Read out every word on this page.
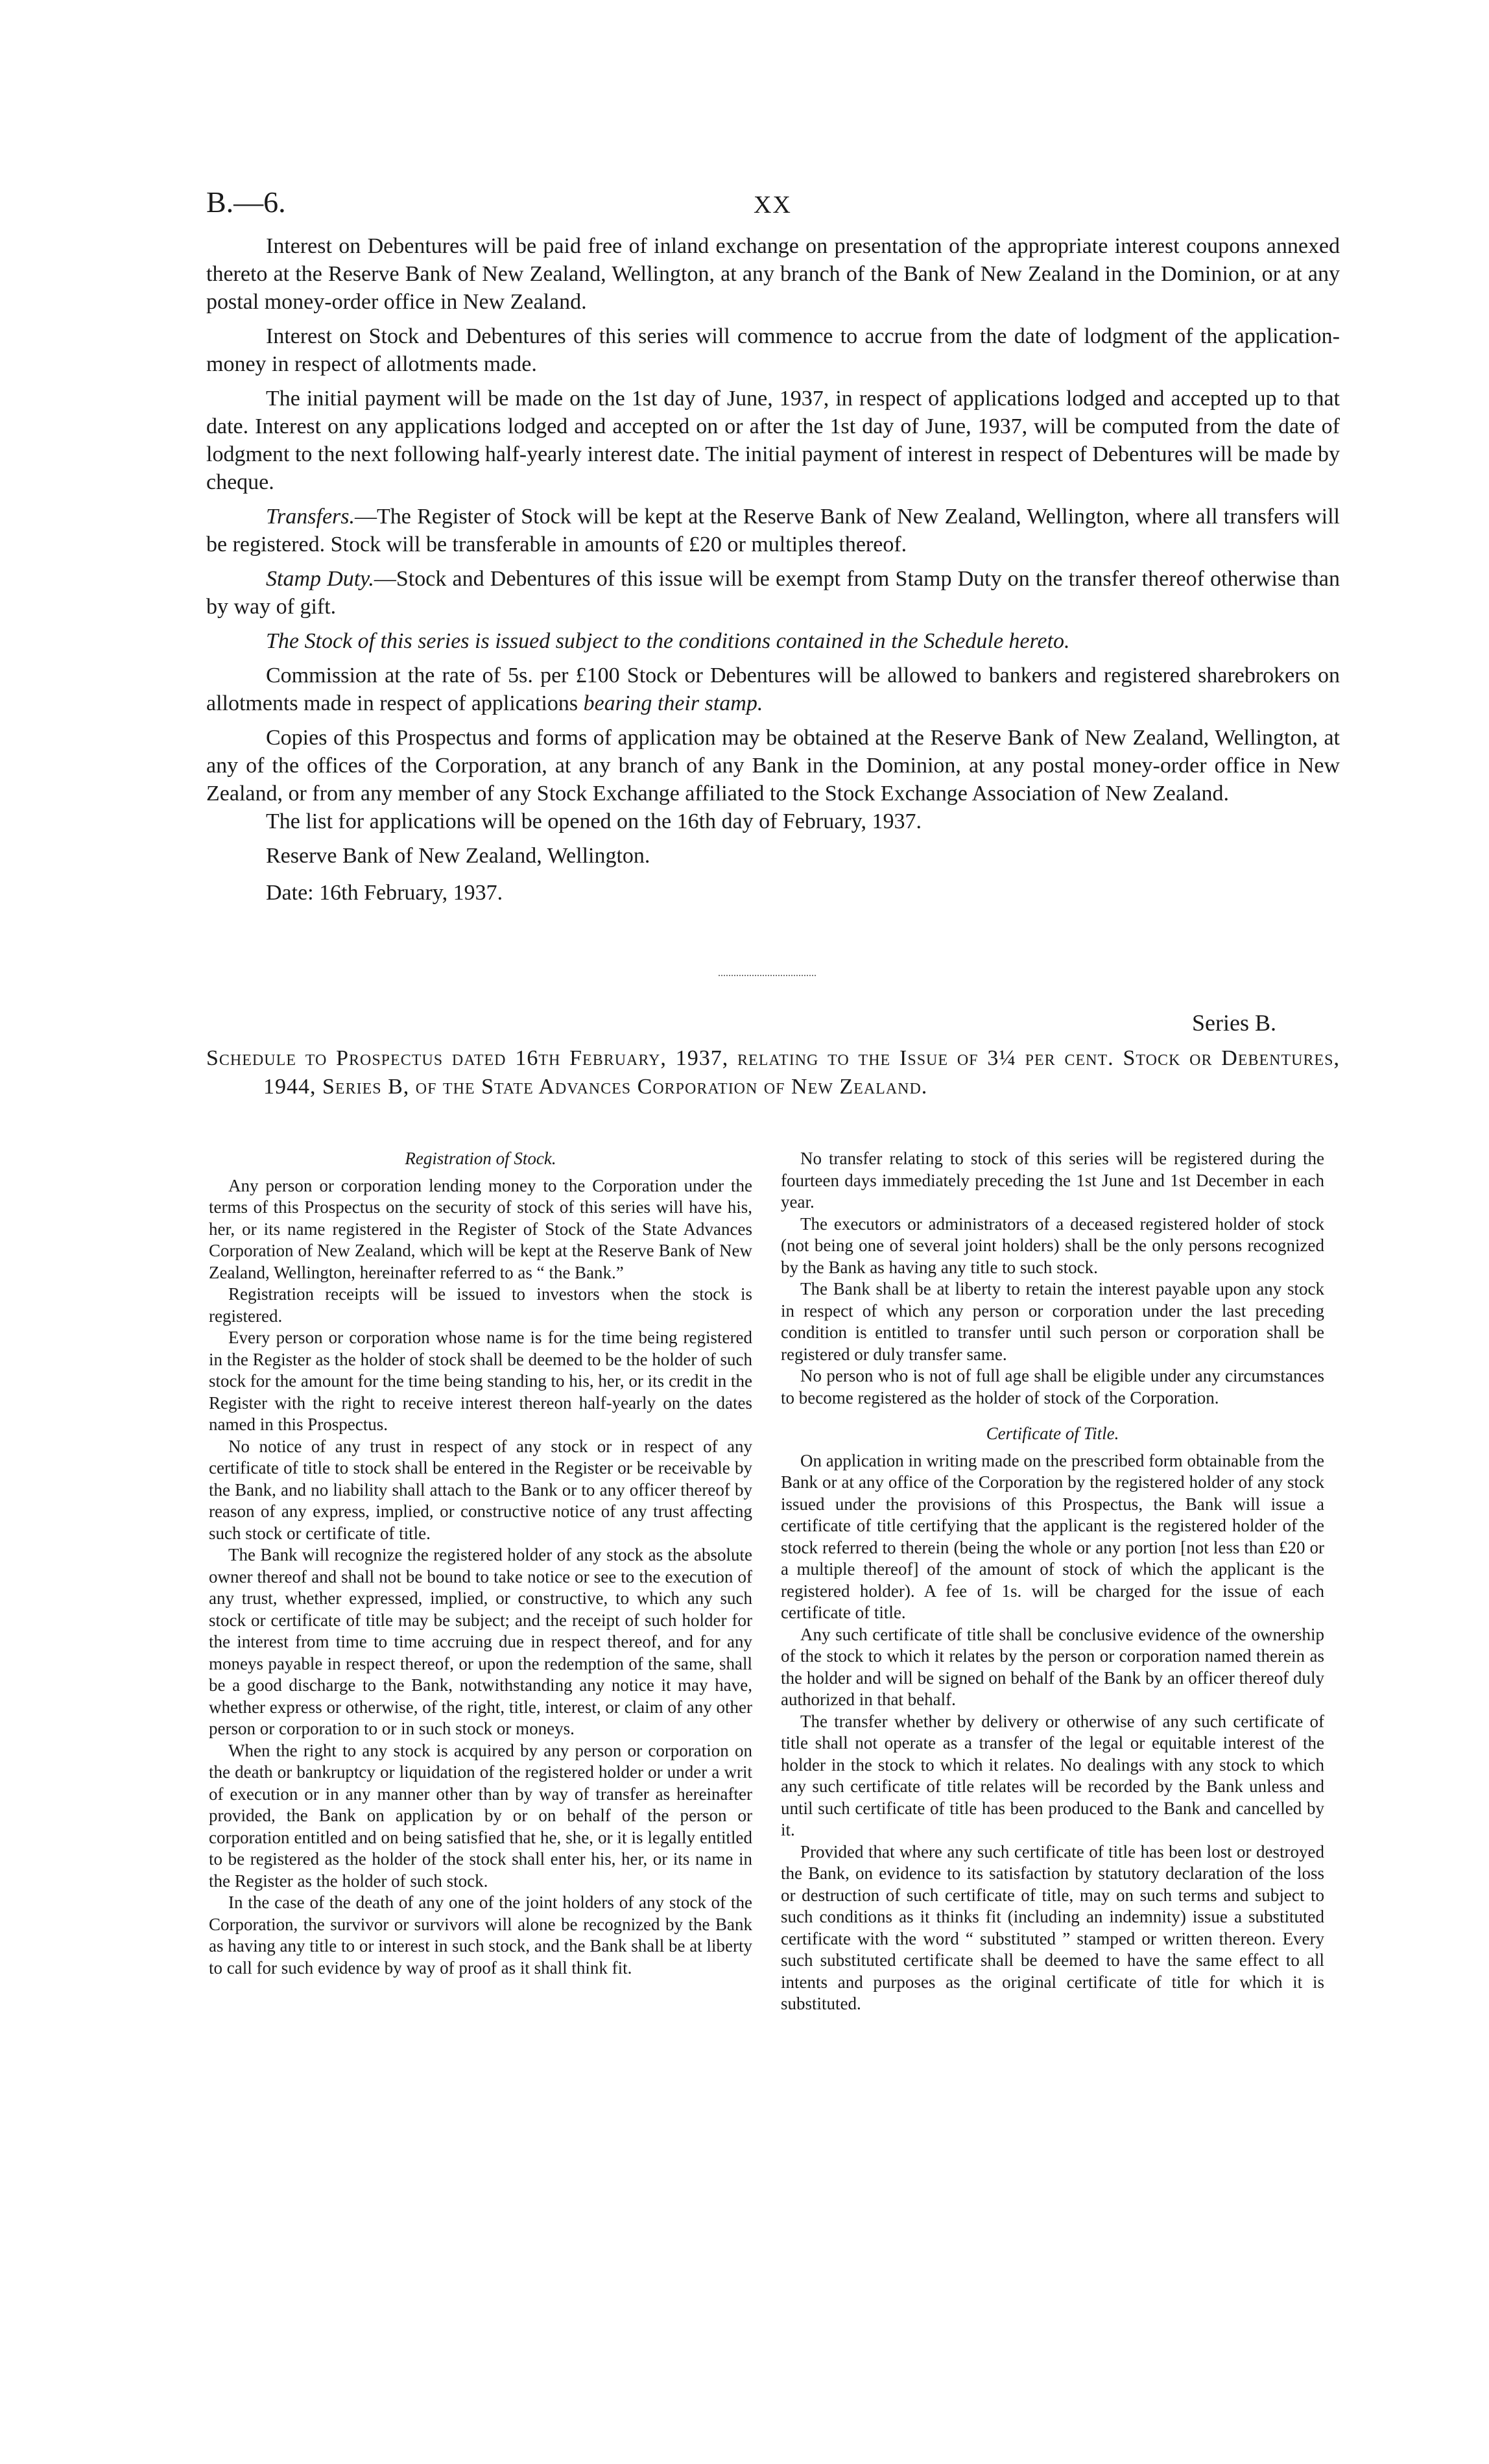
B.—6.	XX

Interest on Debentures will be paid free of inland exchange on presentation of the appropriate interest coupons annexed thereto at the Reserve Bank of New Zealand, Wellington, at any branch of the Bank of New Zealand in the Dominion, or at any postal money-order office in New Zealand.

Interest on Stock and Debentures of this series will commence to accrue from the date of lodgment of the application-money in respect of allotments made.

The initial payment will be made on the 1st day of June, 1937, in respect of applications lodged and accepted up to that date. Interest on any applications lodged and accepted on or after the 1st day of June, 1937, will be computed from the date of lodgment to the next following half-yearly interest date. The initial payment of interest in respect of Debentures will be made by cheque.

Transfers.—The Register of Stock will be kept at the Reserve Bank of New Zealand, Wellington, where all transfers will be registered. Stock will be transferable in amounts of £20 or multiples thereof.

Stamp Duty.—Stock and Debentures of this issue will be exempt from Stamp Duty on the transfer thereof otherwise than by way of gift.

The Stock of this series is issued subject to the conditions contained in the Schedule hereto.

Commission at the rate of 5s. per £100 Stock or Debentures will be allowed to bankers and registered sharebrokers on allotments made in respect of applications bearing their stamp.

Copies of this Prospectus and forms of application may be obtained at the Reserve Bank of New Zealand, Wellington, at any of the offices of the Corporation, at any branch of any Bank in the Dominion, at any postal money-order office in New Zealand, or from any member of any Stock Exchange affiliated to the Stock Exchange Association of New Zealand.

The list for applications will be opened on the 16th day of February, 1937.

Reserve Bank of New Zealand, Wellington.

Date: 16th February, 1937.

Series B.
Schedule to Prospectus dated 16th February, 1937, relating to the Issue of 3¼ per cent. Stock or Debentures, 1944, Series B, of the State Advances Corporation of New Zealand.
Registration of Stock.

Any person or corporation lending money to the Corporation under the terms of this Prospectus on the security of stock of this series will have his, her, or its name registered in the Register of Stock of the State Advances Corporation of New Zealand, which will be kept at the Reserve Bank of New Zealand, Wellington, hereinafter referred to as “ the Bank.”

Registration receipts will be issued to investors when the stock is registered.

Every person or corporation whose name is for the time being registered in the Register as the holder of stock shall be deemed to be the holder of such stock for the amount for the time being standing to his, her, or its credit in the Register with the right to receive interest thereon half-yearly on the dates named in this Prospectus.

No notice of any trust in respect of any stock or in respect of any certificate of title to stock shall be entered in the Register or be receivable by the Bank, and no liability shall attach to the Bank or to any officer thereof by reason of any express, implied, or constructive notice of any trust affecting such stock or certificate of title.

The Bank will recognize the registered holder of any stock as the absolute owner thereof and shall not be bound to take notice or see to the execution of any trust, whether expressed, implied, or constructive, to which any such stock or certificate of title may be subject; and the receipt of such holder for the interest from time to time accruing due in respect thereof, and for any moneys payable in respect thereof, or upon the redemption of the same, shall be a good discharge to the Bank, notwithstanding any notice it may have, whether express or otherwise, of the right, title, interest, or claim of any other person or corporation to or in such stock or moneys.

When the right to any stock is acquired by any person or corporation on the death or bankruptcy or liquidation of the registered holder or under a writ of execution or in any manner other than by way of transfer as hereinafter provided, the Bank on application by or on behalf of the person or corporation entitled and on being satisfied that he, she, or it is legally entitled to be registered as the holder of the stock shall enter his, her, or its name in the Register as the holder of such stock.

In the case of the death of any one of the joint holders of any stock of the Corporation, the survivor or survivors will alone be recognized by the Bank as having any title to or interest in such stock, and the Bank shall be at liberty to call for such evidence by way of proof as it shall think fit.

No transfer relating to stock of this series will be registered during the fourteen days immediately preceding the 1st June and 1st December in each year.

The executors or administrators of a deceased registered holder of stock (not being one of several joint holders) shall be the only persons recognized by the Bank as having any title to such stock.

The Bank shall be at liberty to retain the interest payable upon any stock in respect of which any person or corporation under the last preceding condition is entitled to transfer until such person or corporation shall be registered or duly transfer same.

No person who is not of full age shall be eligible under any circumstances to become registered as the holder of stock of the Corporation.

Certificate of Title.

On application in writing made on the prescribed form obtainable from the Bank or at any office of the Corporation by the registered holder of any stock issued under the provisions of this Prospectus, the Bank will issue a certificate of title certifying that the applicant is the registered holder of the stock referred to therein (being the whole or any portion [not less than £20 or a multiple thereof] of the amount of stock of which the applicant is the registered holder). A fee of 1s. will be charged for the issue of each certificate of title.

Any such certificate of title shall be conclusive evidence of the ownership of the stock to which it relates by the person or corporation named therein as the holder and will be signed on behalf of the Bank by an officer thereof duly authorized in that behalf.

The transfer whether by delivery or otherwise of any such certificate of title shall not operate as a transfer of the legal or equitable interest of the holder in the stock to which it relates. No dealings with any stock to which any such certificate of title relates will be recorded by the Bank unless and until such certificate of title has been produced to the Bank and cancelled by it.

Provided that where any such certificate of title has been lost or destroyed the Bank, on evidence to its satisfaction by statutory declaration of the loss or destruction of such certificate of title, may on such terms and subject to such conditions as it thinks fit (including an indemnity) issue a substituted certificate with the word “ substituted ” stamped or written thereon. Every such substituted certificate shall be deemed to have the same effect to all intents and purposes as the original certificate of title for which it is substituted.
